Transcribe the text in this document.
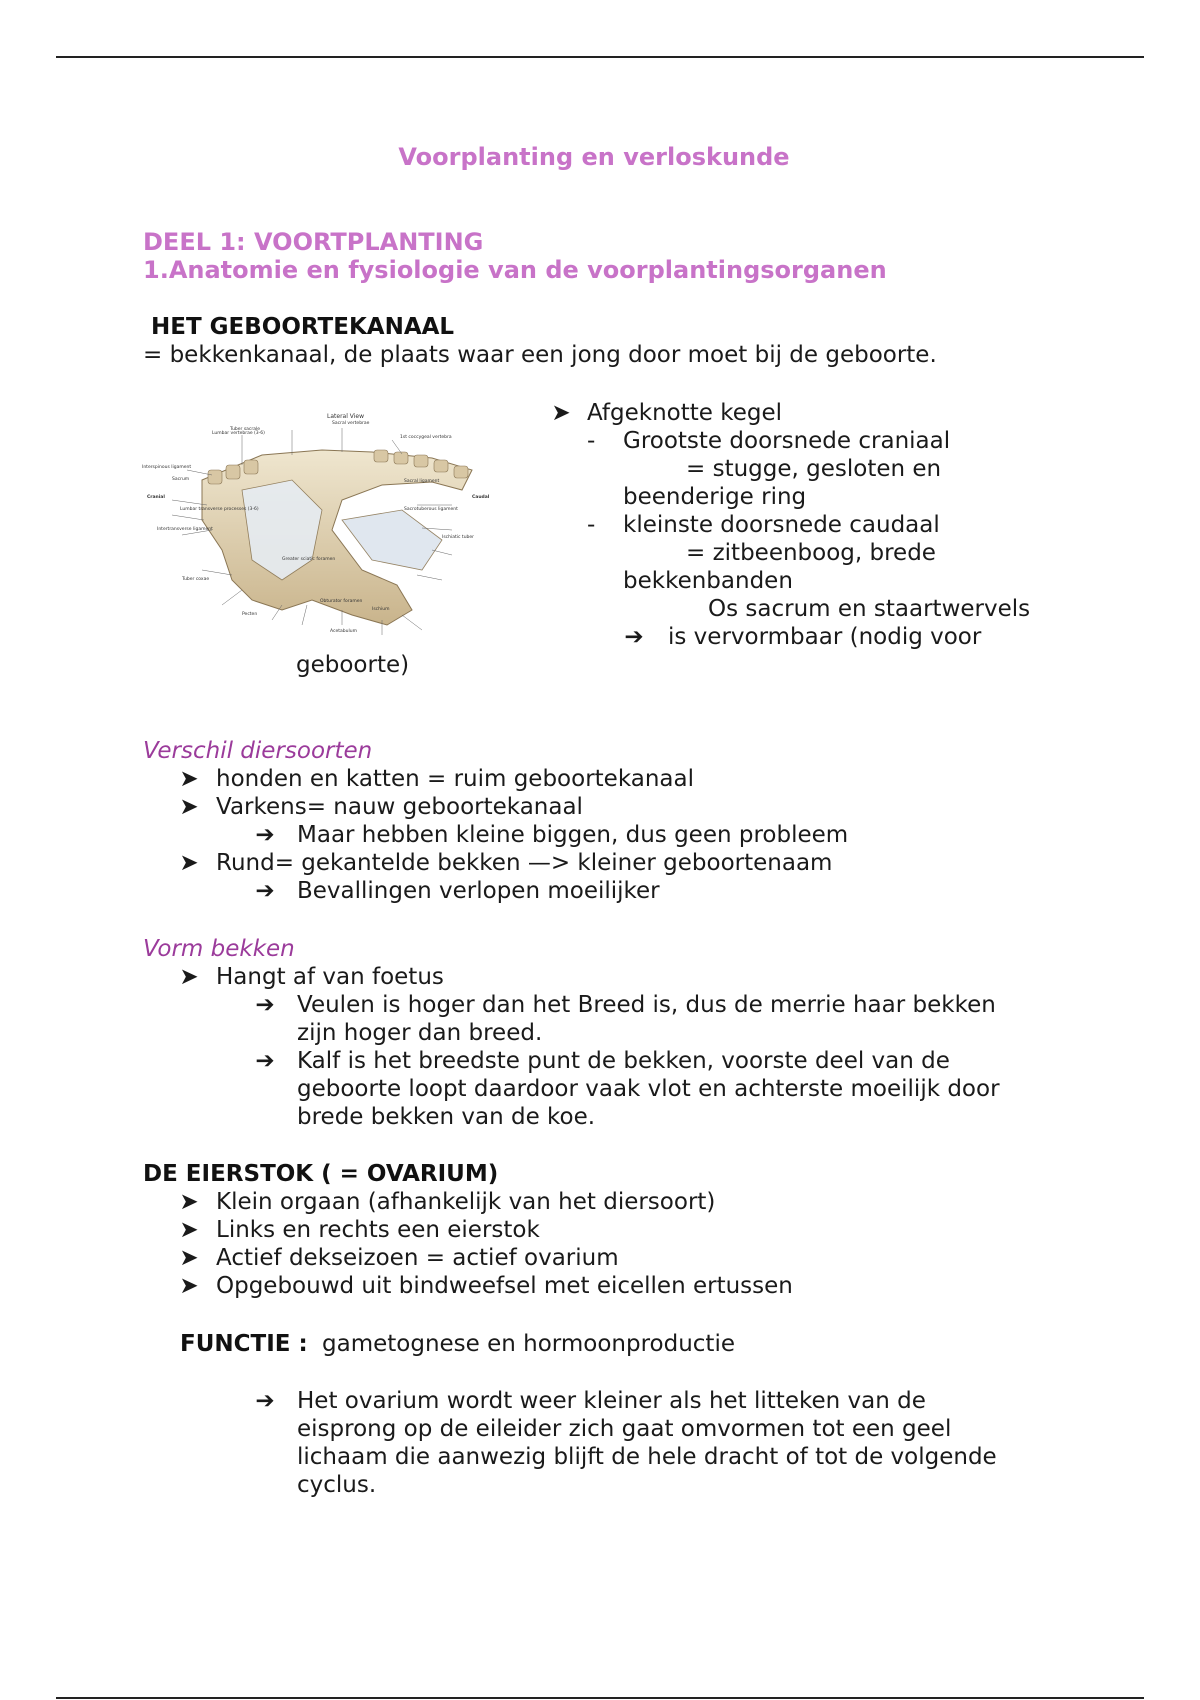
Voorplanting en verloskunde
DEEL 1: VOORTPLANTING
1.Anatomie en fysiologie van de voorplantingsorganen
HET GEBOORTEKANAAL
= bekkenkanaal, de plaats waar een jong door moet bij de geboorte.
Lateral View
Tuber sacrale
Sacral vertebrae
Lumbar vertebrae (3-6)
1st coccygeal vertebra
Interspinous ligament
Sacrum
Cranial
Lumbar transverse processes (3-6)
Sacral ligament
Caudal
Intertransverse ligament
Sacrotuberous ligament
Tuber coxae
Greater sciatic foramen
Ischiatic tuber
Obturator foramen
Pecten
Acetabulum
Ischium
➤ Afgeknotte kegel
- Grootste doorsnede craniaal
= stugge, gesloten en
beenderige ring
- kleinste doorsnede caudaal
= zitbeenboog, brede
bekkenbanden
Os sacrum en staartwervels
➔ is vervormbaar (nodig voor
geboorte)
Verschil diersoorten
➤ honden en katten = ruim geboortekanaal
➤ Varkens= nauw geboortekanaal
➔ Maar hebben kleine biggen, dus geen probleem
➤ Rund= gekantelde bekken —> kleiner geboortenaam
➔ Bevallingen verlopen moeilijker
Vorm bekken
➤ Hangt af van foetus
➔ Veulen is hoger dan het Breed is, dus de merrie haar bekken
zijn hoger dan breed.
➔ Kalf is het breedste punt de bekken, voorste deel van de
geboorte loopt daardoor vaak vlot en achterste moeilijk door
brede bekken van de koe.
DE EIERSTOK ( = OVARIUM)
➤ Klein orgaan (afhankelijk van het diersoort)
➤ Links en rechts een eierstok
➤ Actief dekseizoen = actief ovarium
➤ Opgebouwd uit bindweefsel met eicellen ertussen
FUNCTIE : gametognese en hormoonproductie
➔ Het ovarium wordt weer kleiner als het litteken van de
eisprong op de eileider zich gaat omvormen tot een geel
lichaam die aanwezig blijft de hele dracht of tot de volgende
cyclus.
